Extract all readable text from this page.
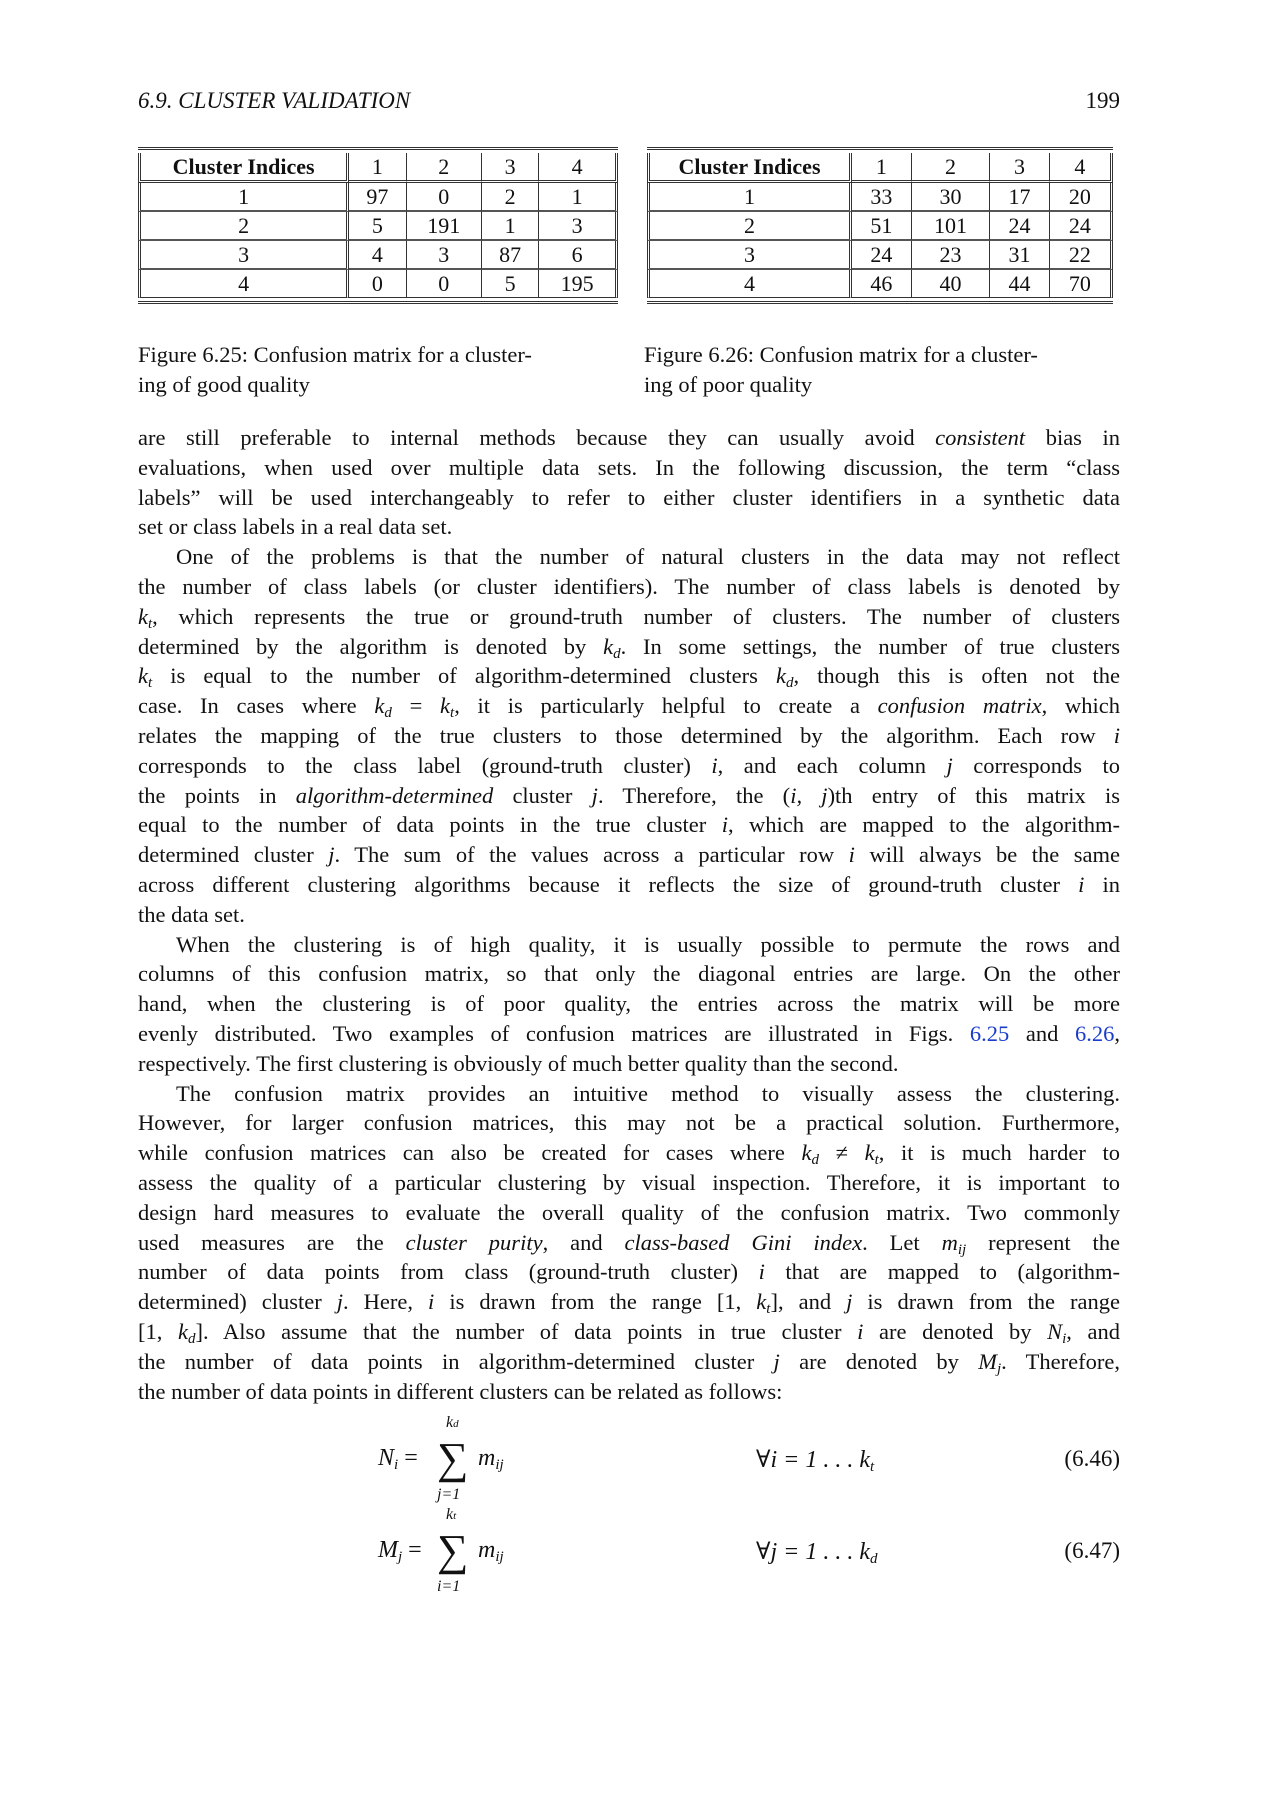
6.9. CLUSTER VALIDATION	199
Cluster Indices	1	2	3	4
1	97	0	2	1
2	5	191	1	3
3	4	3	87	6
4	0	0	5	195
Cluster Indices	1	2	3	4
1	33	30	17	20
2	51	101	24	24
3	24	23	31	22
4	46	40	44	70
Figure 6.25: Confusion matrix for a cluster-
ing of good quality
Figure 6.26: Confusion matrix for a cluster-
ing of poor quality
are still preferable to internal methods because they can usually avoid consistent bias in
evaluations, when used over multiple data sets. In the following discussion, the term “class
labels” will be used interchangeably to refer to either cluster identifiers in a synthetic data
set or class labels in a real data set.
One of the problems is that the number of natural clusters in the data may not reflect
the number of class labels (or cluster identifiers). The number of class labels is denoted by
$k_t$, which represents the true or ground-truth number of clusters. The number of clusters
determined by the algorithm is denoted by $k_d$. In some settings, the number of true clusters
$k_t$ is equal to the number of algorithm-determined clusters $k_d$, though this is often not the
case. In cases where $k_d = k_t$, it is particularly helpful to create a confusion matrix, which
relates the mapping of the true clusters to those determined by the algorithm. Each row i
corresponds to the class label (ground-truth cluster) i, and each column j corresponds to
the points in algorithm-determined cluster j. Therefore, the (i, j)th entry of this matrix is
equal to the number of data points in the true cluster i, which are mapped to the algorithm-
determined cluster j. The sum of the values across a particular row i will always be the same
across different clustering algorithms because it reflects the size of ground-truth cluster i in
the data set.
When the clustering is of high quality, it is usually possible to permute the rows and
columns of this confusion matrix, so that only the diagonal entries are large. On the other
hand, when the clustering is of poor quality, the entries across the matrix will be more
evenly distributed. Two examples of confusion matrices are illustrated in Figs. 6.25 and 6.26,
respectively. The first clustering is obviously of much better quality than the second.
The confusion matrix provides an intuitive method to visually assess the clustering.
However, for larger confusion matrices, this may not be a practical solution. Furthermore,
while confusion matrices can also be created for cases where $k_d \ne k_t$, it is much harder to
assess the quality of a particular clustering by visual inspection. Therefore, it is important to
design hard measures to evaluate the overall quality of the confusion matrix. Two commonly
used measures are the cluster purity, and class-based Gini index. Let $m_{ij}$ represent the
number of data points from class (ground-truth cluster) i that are mapped to (algorithm-
determined) cluster j. Here, i is drawn from the range [1, $k_t$], and j is drawn from the range
[1, $k_d$]. Also assume that the number of data points in true cluster i are denoted by $N_i$, and
the number of data points in algorithm-determined cluster j are denoted by $M_j$. Therefore,
the number of data points in different clusters can be related as follows:
$N_i$ = ∑
kd
j=1
$m_{ij}$	∀i = 1 . . . $k_t$	(6.46)
$M_j$ = ∑
kt
i=1
$m_{ij}$	∀j = 1 . . . $k_d$	(6.47)
